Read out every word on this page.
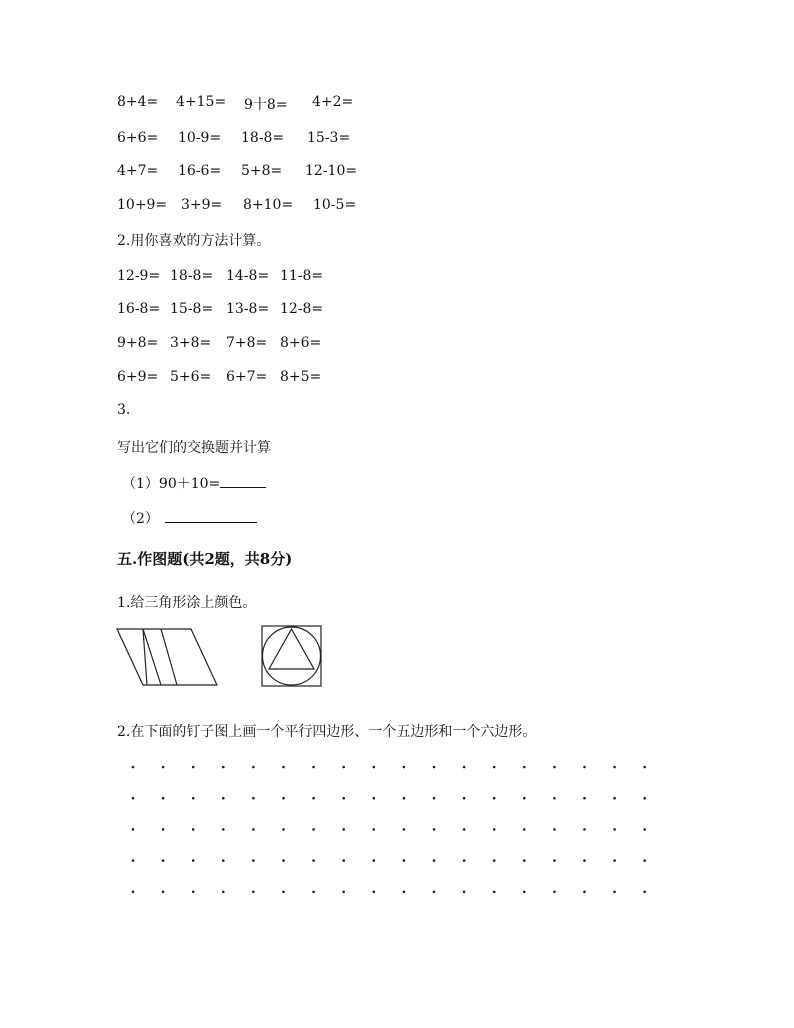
8+4= 4+15= 9十8= 4+2=
6+6= 10-9= 18-8= 15-3=
4+7= 16-6= 5+8= 12-10=
10+9= 3+9= 8+10= 10-5=
2.用你喜欢的方法计算。
12-9= 18-8= 14-8= 11-8=
16-8= 15-8= 13-8= 12-8=
9+8= 3+8= 7+8= 8+6=
6+9= 5+6= 6+7= 8+5=
3.
写出它们的交换题并计算
（1）90＋10=
（2）
五.作图题(共2题，共8分)
1.给三角形涂上颜色。
2.在下面的钉子图上画一个平行四边形、一个五边形和一个六边形。
